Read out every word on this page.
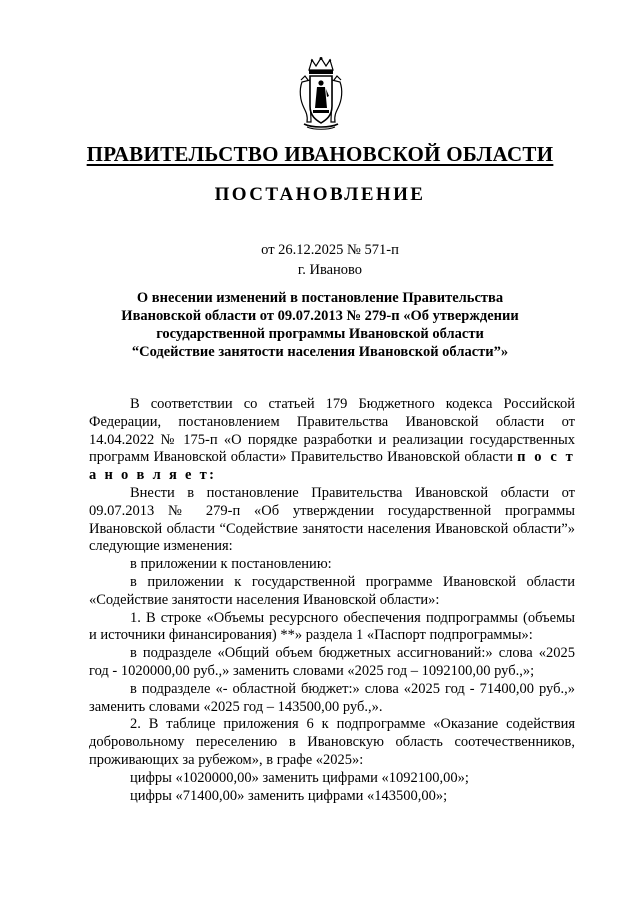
ПРАВИТЕЛЬСТВО ИВАНОВСКОЙ ОБЛАСТИ
ПОСТАНОВЛЕНИЕ
от 26.12.2025 № 571-п
г. Иваново
О внесении изменений в постановление Правительства Ивановской области от 09.07.2013 № 279-п «Об утверждении государственной программы Ивановской области “Содействие занятости населения Ивановской области”»

В соответствии со статьей 179 Бюджетного кодекса Российской Федерации, постановлением Правительства Ивановской области от 14.04.2022 № 175-п «О порядке разработки и реализации государственных программ Ивановской области» Правительство Ивановской области п о с т а н о в л я е т:

Внести в постановление Правительства Ивановской области от 09.07.2013 № 279-п «Об утверждении государственной программы Ивановской области “Содействие занятости населения Ивановской области”» следующие изменения:

в приложении к постановлению:

в приложении к государственной программе Ивановской области «Содействие занятости населения Ивановской области»:

1. В строке «Объемы ресурсного обеспечения подпрограммы (объемы и источники финансирования) **» раздела 1 «Паспорт подпрограммы»:

в подразделе «Общий объем бюджетных ассигнований:» слова «2025 год - 1020000,00 руб.,» заменить словами «2025 год – 1092100,00 руб.,»;

в подразделе «- областной бюджет:» слова «2025 год - 71400,00 руб.,» заменить словами «2025 год – 143500,00 руб.,».

2. В таблице приложения 6 к подпрограмме «Оказание содействия добровольному переселению в Ивановскую область соотечественников, проживающих за рубежом», в графе «2025»:

цифры «1020000,00» заменить цифрами «1092100,00»;

цифры «71400,00» заменить цифрами «143500,00»;
